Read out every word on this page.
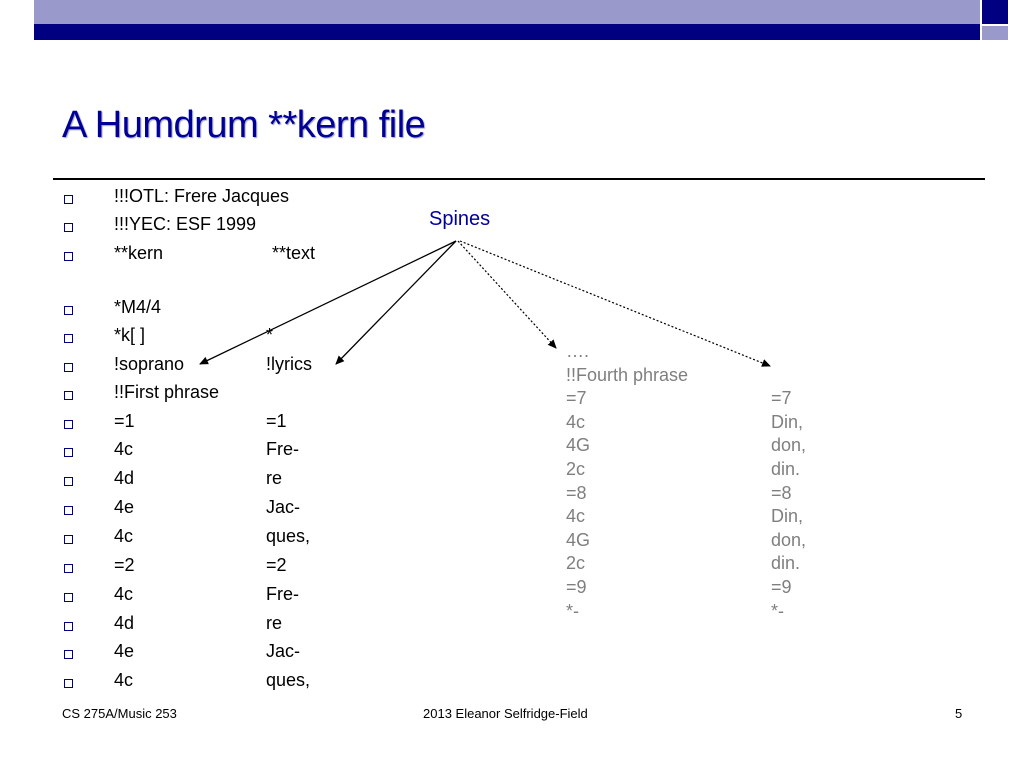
A Humdrum **kern file
!!!OTL: Frere Jacques
!!!YEC: ESF 1999
**kern	**text
*M4/4
*k[ ]	*
!soprano	!lyrics
!!First phrase
=1	=1
4c	Fre-
4d	re
4e	Jac-
4c	ques,
=2	=2
4c	Fre-
4d	re
4e	Jac-
4c	ques,
Spines
….
!!Fourth phrase
=7	=7
4c	Din,
4G	don,
2c	din.
=8	=8
4c	Din,
4G	don,
2c	din.
=9	=9
*-	*-
CS 275A/Music 253	2013 Eleanor Selfridge-Field	5
